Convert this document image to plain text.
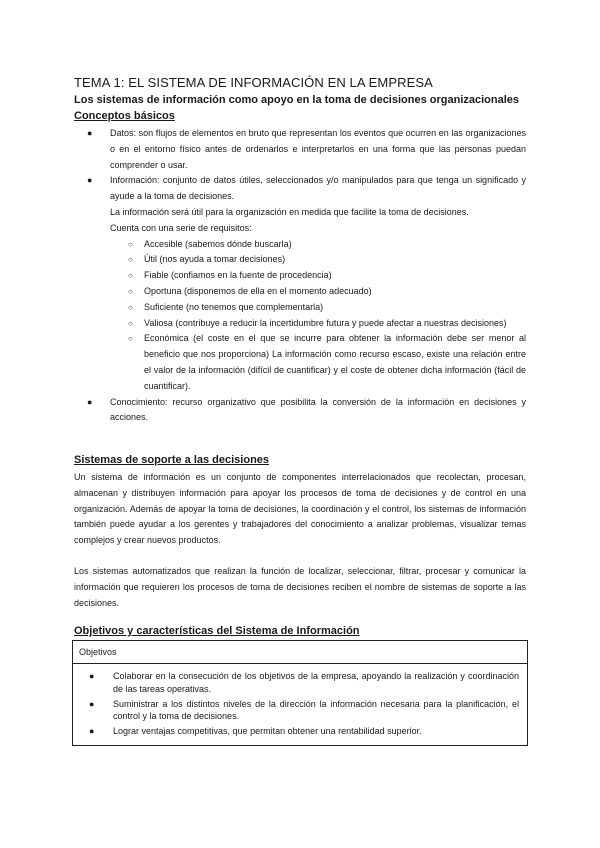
TEMA 1: EL SISTEMA DE INFORMACIÓN EN LA EMPRESA
Los sistemas de información como apoyo en la toma de decisiones organizacionales
Conceptos básicos
● Datos: son flujos de elementos en bruto que representan los eventos que ocurren en las organizaciones o en el entorno físico antes de ordenarlos e interpretarlos en una forma que las personas puedan comprender o usar.

● Información: conjunto de datos útiles, seleccionados y/o manipulados para que tenga un significado y ayude a la toma de decisiones.

La información será útil para la organización en medida que facilite la toma de decisiones.

Cuenta con una serie de requisitos:

○ Accesible (sabemos dónde buscarla)

○ Útil (nos ayuda a tomar decisiones)

○ Fiable (confiamos en la fuente de procedencia)

○ Oportuna (disponemos de ella en el momento adecuado)

○ Suficiente (no tenemos que complementarla)

○ Valiosa (contribuye a reducir la incertidumbre futura y puede afectar a nuestras decisiones)

○ Económica (el coste en el que se incurre para obtener la información debe ser menor al beneficio que nos proporciona) La información como recurso escaso, existe una relación entre el valor de la información (difícil de cuantificar) y el coste de obtener dicha información (fácil de cuantificar).

● Conocimiento: recurso organizativo que posibilita la conversión de la información en decisiones y acciones.

Sistemas de soporte a las decisiones

Un sistema de información es un conjunto de componentes interrelacionados que recolectan, procesan, almacenan y distribuyen información para apoyar los procesos de toma de decisiones y de control en una organización. Además de apoyar la toma de decisiones, la coordinación y el control, los sistemas de información también puede ayudar a los gerentes y trabajadores del conocimiento a analizar problemas, visualizar temas complejos y crear nuevos productos.

Los sistemas automatizados que realizan la función de localizar, seleccionar, filtrar, procesar y comunicar la información que requieren los procesos de toma de decisiones reciben el nombre de sistemas de soporte a las decisiones.

Objetivos y características del Sistema de Información
Objetivos
● Colaborar en la consecución de los objetivos de la empresa, apoyando la realización y coordinación de las tareas operativas.
● Suministrar a los distintos niveles de la dirección la información necesaria para la planificación, el control y la toma de decisiones.
● Lograr ventajas competitivas, que permitan obtener una rentabilidad superior.
